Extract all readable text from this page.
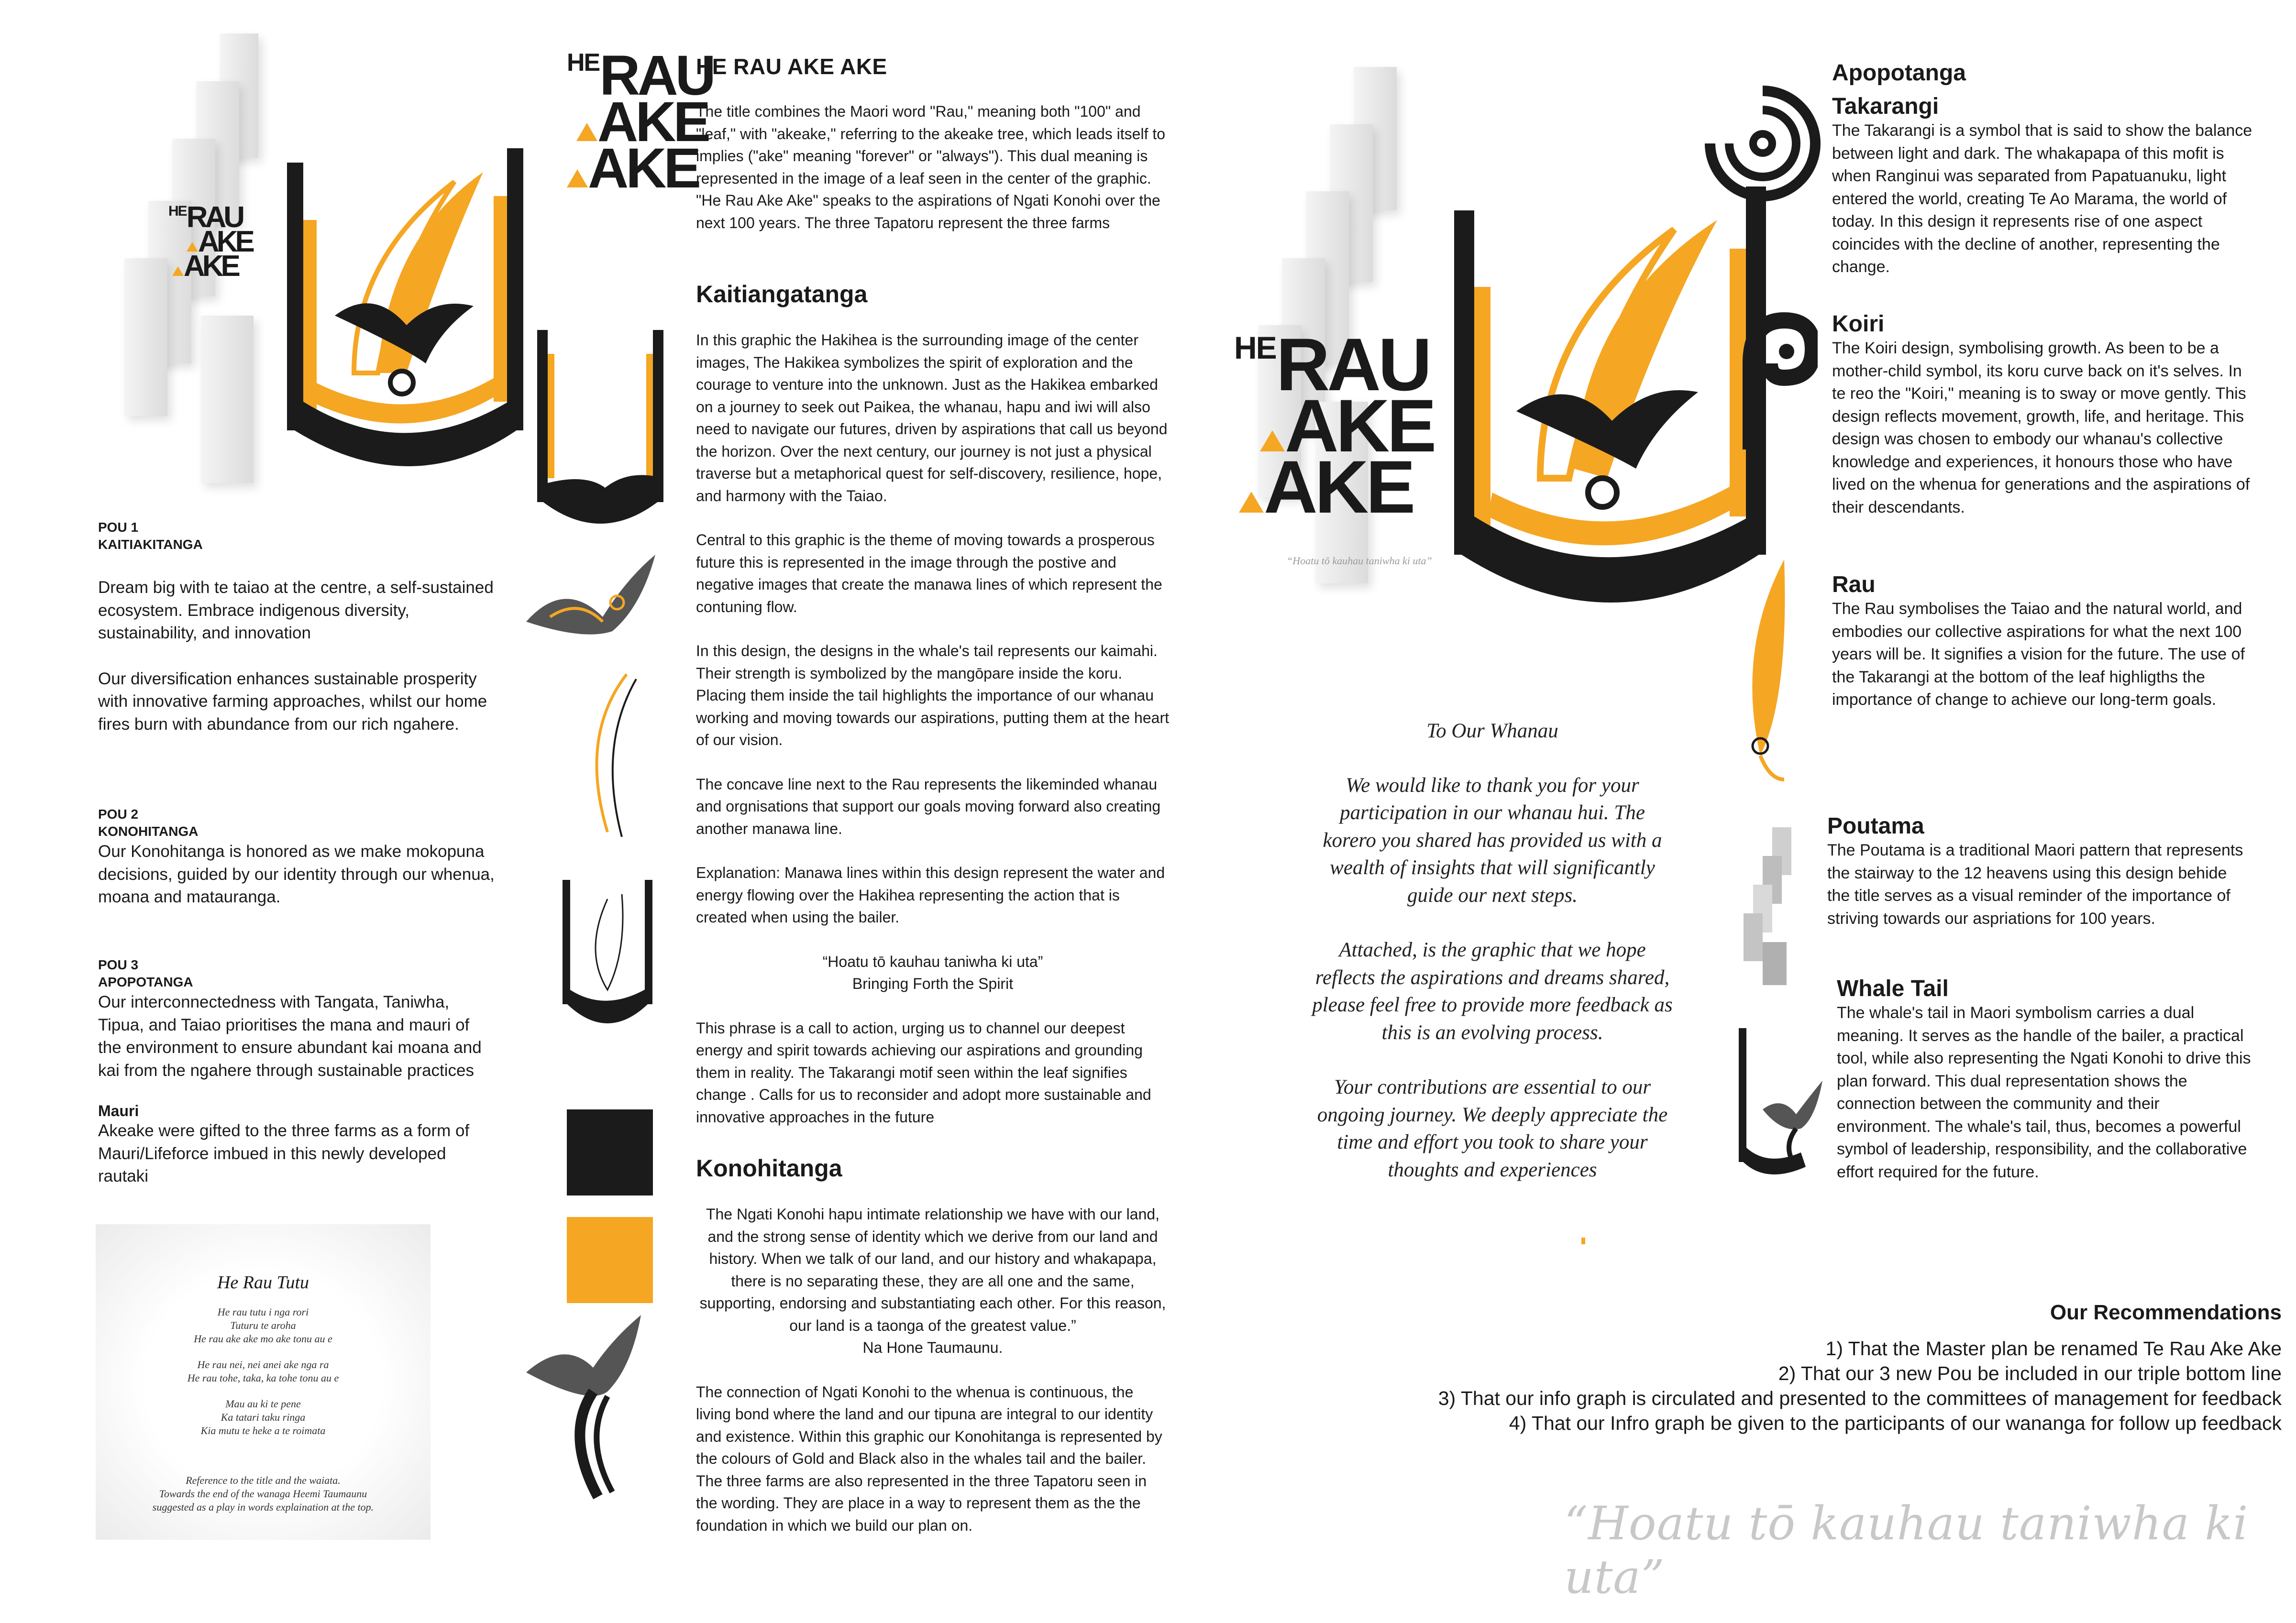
$^{HE}$RAU
AKE
AKE
POU 1
KAITIAKITANGA

Dream big with te taiao at the centre, a self-sustained ecosystem. Embrace indigenous diversity, sustainability, and innovation

Our diversification enhances sustainable prosperity with innovative farming approaches, whilst our home fires burn with abundance from our rich ngahere.

POU 2
KONOHITANGA

Our Konohitanga is honored as we make mokopuna decisions, guided by our identity through our whenua, moana and matauranga.

POU 3
APOPOTANGA

Our interconnectedness with Tangata, Taniwha, Tipua, and Taiao prioritises the mana and mauri of the environment to ensure abundant kai moana and kai from the ngahere through sustainable practices

Mauri
Akeake were gifted to the three farms as a form of Mauri/Lifeforce imbued in this newly developed rautaki
He Rau Tutu
He rau tutu i nga rori
Tuturu te aroha
He rau ake ake mo ake tonu au e
He rau nei, nei anei ake nga ra
He rau tohe, taka, ka tohe tonu au e
Mau au ki te pene
Ka tatari taku ringa
Kia mutu te heke a te roimata
Reference to the title and the waiata.
Towards the end of the wanaga Heemi Taumaunu
suggested as a play in words explaination at the top.
$^{HE}$RAU
AKE
AKE
HE RAU AKE AKE
The title combines the Maori word "Rau," meaning both "100" and "leaf," with "akeake," referring to the akeake tree, which leads itself to implies ("ake" meaning "forever" or "always"). This dual meaning is represented in the image of a leaf seen in the center of the graphic. "He Rau Ake Ake" speaks to the aspirations of Ngati Konohi over the next 100 years. The three Tapatoru represent the three farms
Kaitiangatanga

In this graphic the Hakihea is the surrounding image of the center images, The Hakikea symbolizes the spirit of exploration and the courage to venture into the unknown. Just as the Hakikea embarked on a journey to seek out Paikea, the whanau, hapu and iwi will also need to navigate our futures, driven by aspirations that call us beyond the horizon. Over the next century, our journey is not just a physical traverse but a metaphorical quest for self-discovery, resilience, hope, and harmony with the Taiao.

Central to this graphic is the theme of moving towards a prosperous future this is represented in the image through the postive and negative images that create the manawa lines of which represent the contuning flow.

In this design, the designs in the whale's tail represents our kaimahi. Their strength is symbolized by the mangōpare inside the koru. Placing them inside the tail highlights the importance of our whanau working and moving towards our aspirations, putting them at the heart of our vision.

The concave line next to the Rau represents the likeminded whanau and orgnisations that support our goals moving forward also creating another manawa line.

Explanation: Manawa lines within this design represent the water and energy flowing over the Hakihea representing the action that is created when using the bailer.

“Hoatu tō kauhau taniwha ki uta”
Bringing Forth the Spirit

This phrase is a call to action, urging us to channel our deepest energy and spirit towards achieving our aspirations and grounding them in reality. The Takarangi motif seen within the leaf signifies change . Calls for us to reconsider and adopt more sustainable and innovative approaches in the future

Konohitanga
The Ngati Konohi hapu intimate relationship we have with our land, and the strong sense of identity which we derive from our land and history. When we talk of our land, and our history and whakapapa, there is no separating these, they are all one and the same, supporting, endorsing and substantiating each other. For this reason,
our land is a taonga of the greatest value.”
Na Hone Taumaunu.
The connection of Ngati Konohi to the whenua is continuous, the living bond where the land and our tipuna are integral to our identity and existence. Within this graphic our Konohitanga is represented by the colours of Gold and Black also in the whales tail and the bailer.
The three farms are also represented in the three Tapatoru seen in the wording. They are place in a way to represent them as the the foundation in which we build our plan on.
$^{HE}$RAU
AKE
AKE
“Hoatu tō kauhau taniwha ki uta”
To Our Whanau
We would like to thank you for your
participation in our whanau hui. The
korero you shared has provided us with a
wealth of insights that will significantly
guide our next steps.
Attached, is the graphic that we hope
reflects the aspirations and dreams shared,
please feel free to provide more feedback as
this is an evolving process.
Your contributions are essential to our
ongoing journey. We deeply appreciate the
time and effort you took to share your
thoughts and experiences
Apopotanga
Takarangi
The Takarangi is a symbol that is said to show the balance between light and dark. The whakapapa of this mofit is when Ranginui was separated from Papatuanuku, light entered the world, creating Te Ao Marama, the world of today. In this design it represents rise of one aspect coincides with the decline of another, representing the change.
Koiri
The Koiri design, symbolising growth. As been to be a mother-child symbol, its koru curve back on it's selves. In te reo the "Koiri," meaning is to sway or move gently. This design reflects movement, growth, life, and heritage. This design was chosen to embody our whanau's collective knowledge and experiences, it honours those who have lived on the whenua for generations and the aspirations of their descendants.
Rau
The Rau symbolises the Taiao and the natural world, and embodies our collective aspirations for what the next 100 years will be. It signifies a vision for the future. The use of the Takarangi at the bottom of the leaf highligths the importance of change to achieve our long-term goals.
Poutama
The Poutama is a traditional Maori pattern that represents the stairway to the 12 heavens using this design behide the title serves as a visual reminder of the importance of striving towards our aspriations for 100 years.
Whale Tail
The whale's tail in Maori symbolism carries a dual meaning. It serves as the handle of the bailer, a practical tool, while also representing the Ngati Konohi to drive this plan forward. This dual representation shows the connection between the community and their environment. The whale's tail, thus, becomes a powerful symbol of leadership, responsibility, and the collaborative effort required for the future.
Our Recommendations
1) That the Master plan be renamed Te Rau Ake Ake
2) That our 3 new Pou be included in our triple bottom line
3) That our info graph is circulated and presented to the committees of management for feedback
4) That our Infro graph be given to the participants of our wananga for follow up feedback
“Hoatu tō kauhau taniwha ki uta”
